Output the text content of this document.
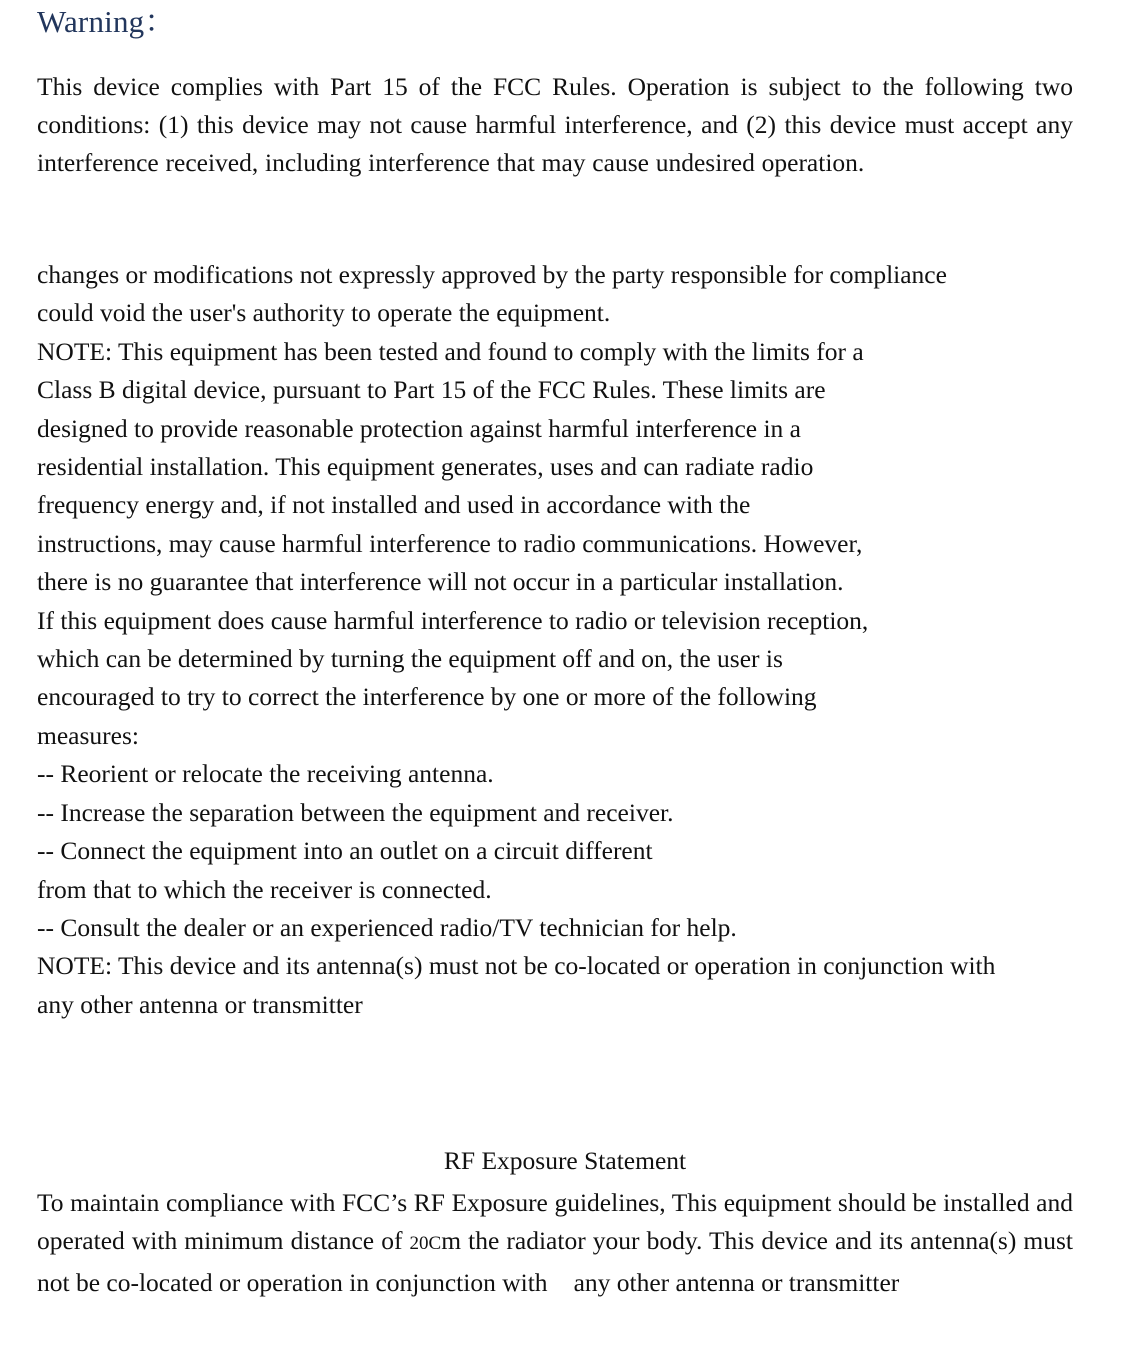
Warning：
This device complies with Part 15 of the FCC Rules. Operation is subject to the following two conditions: (1) this device may not cause harmful interference, and (2) this device must accept any interference received, including interference that may cause undesired operation.
changes or modifications not expressly approved by the party responsible for compliance
could void the user's authority to operate the equipment.
NOTE: This equipment has been tested and found to comply with the limits for a
Class B digital device, pursuant to Part 15 of the FCC Rules. These limits are
designed to provide reasonable protection against harmful interference in a
residential installation. This equipment generates, uses and can radiate radio
frequency energy and, if not installed and used in accordance with the
instructions, may cause harmful interference to radio communications. However,
there is no guarantee that interference will not occur in a particular installation.
If this equipment does cause harmful interference to radio or television reception,
which can be determined by turning the equipment off and on, the user is
encouraged to try to correct the interference by one or more of the following
measures:
-- Reorient or relocate the receiving antenna.
-- Increase the separation between the equipment and receiver.
-- Connect the equipment into an outlet on a circuit different
from that to which the receiver is connected.
-- Consult the dealer or an experienced radio/TV technician for help.
NOTE: This device and its antenna(s) must not be co-located or operation in conjunction with
any other antenna or transmitter
RF Exposure Statement
To maintain compliance with FCC’s RF Exposure guidelines, This equipment should be installed and operated with minimum distance of 20Cm the radiator your body. This device and its antenna(s) must not be co-located or operation in conjunction with any other antenna or transmitter
